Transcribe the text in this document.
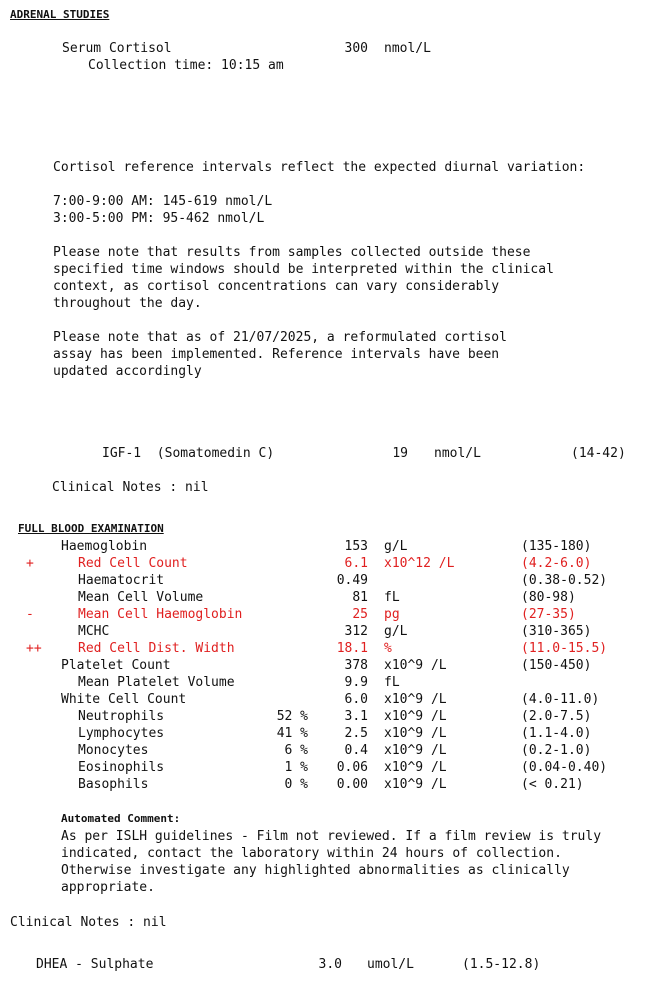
ADRENAL STUDIES
Serum Cortisol	300 nmol/L
Collection time: 10:15 am
Cortisol reference intervals reflect the expected diurnal variation:
7:00-9:00 AM: 145-619 nmol/L
3:00-5:00 PM: 95-462 nmol/L
Please note that results from samples collected outside these
specified time windows should be interpreted within the clinical
context, as cortisol concentrations can vary considerably
throughout the day.
Please note that as of 21/07/2025, a reformulated cortisol
assay has been implemented. Reference intervals have been
updated accordingly
IGF-1  (Somatomedin C)	19 nmol/L	(14-42)
Clinical Notes : nil
FULL BLOOD EXAMINATION
Haemoglobin	153 g/L	(135-180)
+	Red Cell Count	6.1 x10^12 /L	(4.2-6.0)
Haematocrit	0.49	(0.38-0.52)
Mean Cell Volume	81 fL	(80-98)
-	Mean Cell Haemoglobin	25 pg	(27-35)
MCHC	312 g/L	(310-365)
++	Red Cell Dist. Width	18.1 %	(11.0-15.5)
Platelet Count	378 x10^9 /L	(150-450)
Mean Platelet Volume	9.9 fL
White Cell Count	6.0 x10^9 /L	(4.0-11.0)
Neutrophils	52 %	3.1 x10^9 /L	(2.0-7.5)
Lymphocytes	41 %	2.5 x10^9 /L	(1.1-4.0)
Monocytes	6 %	0.4 x10^9 /L	(0.2-1.0)
Eosinophils	1 %	0.06 x10^9 /L	(0.04-0.40)
Basophils	0 %	0.00 x10^9 /L	(< 0.21)
Automated Comment:
As per ISLH guidelines - Film not reviewed. If a film review is truly
indicated, contact the laboratory within 24 hours of collection.
Otherwise investigate any highlighted abnormalities as clinically
appropriate.
Clinical Notes : nil
DHEA - Sulphate	3.0 umol/L	(1.5-12.8)
